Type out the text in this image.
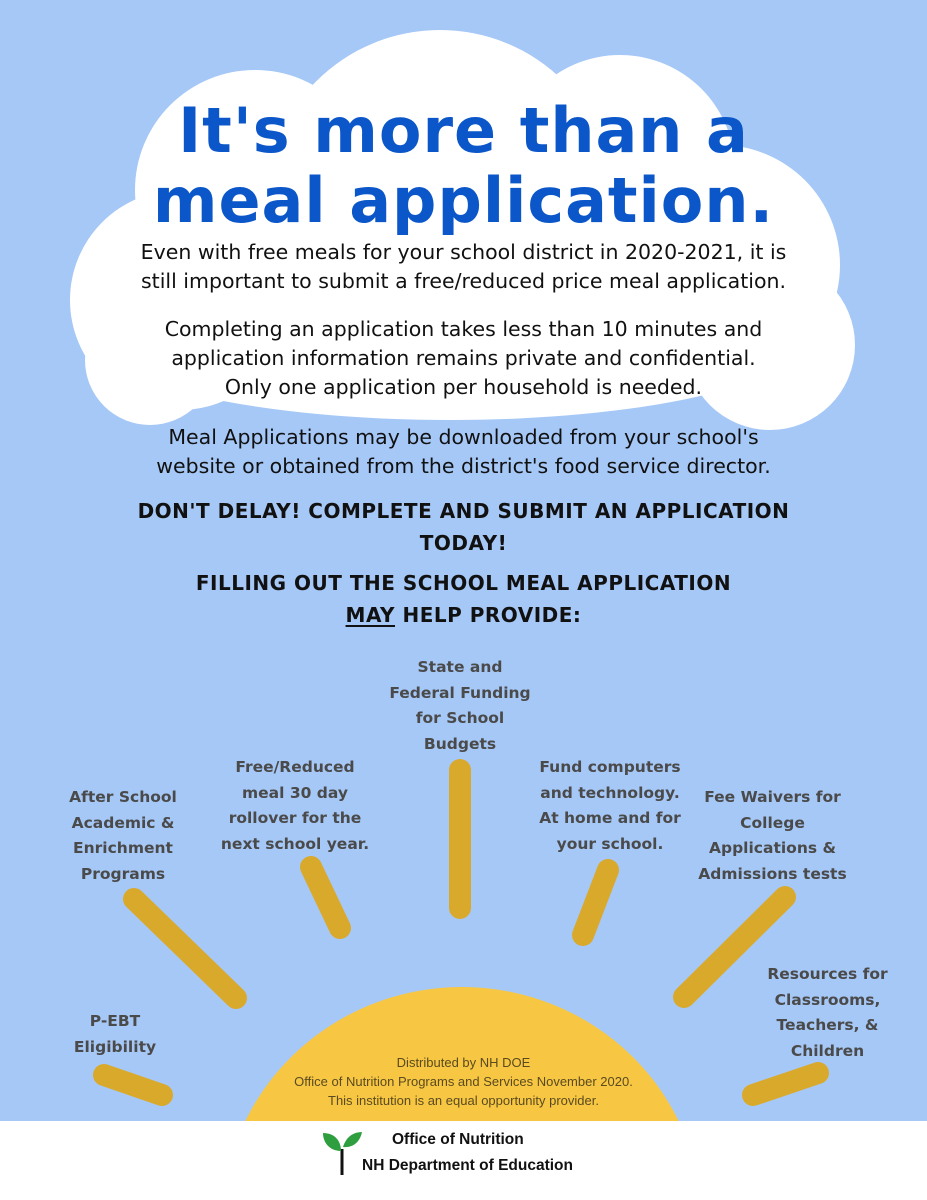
It's more than a
meal application.
Even with free meals for your school district in 2020-2021, it is
still important to submit a free/reduced price meal application.
Completing an application takes less than 10 minutes and
application information remains private and confidential.
Only one application per household is needed.
Meal Applications may be downloaded from your school's
website or obtained from the district's food service director.
DON'T DELAY! COMPLETE AND SUBMIT AN APPLICATION
TODAY!
FILLING OUT THE SCHOOL MEAL APPLICATION
MAY HELP PROVIDE:
P-EBT
Eligibility
After School
Academic &
Enrichment
Programs
Free/Reduced
meal 30 day
rollover for the
next school year.
State and
Federal Funding
for School
Budgets
Fund computers
and technology.
At home and for
your school.
Fee Waivers for
College
Applications &
Admissions tests
Resources for
Classrooms,
Teachers, &
Children
Distributed by NH DOE
Office of Nutrition Programs and Services November 2020.
This institution is an equal opportunity provider.
Office of Nutrition
NH Department of Education
